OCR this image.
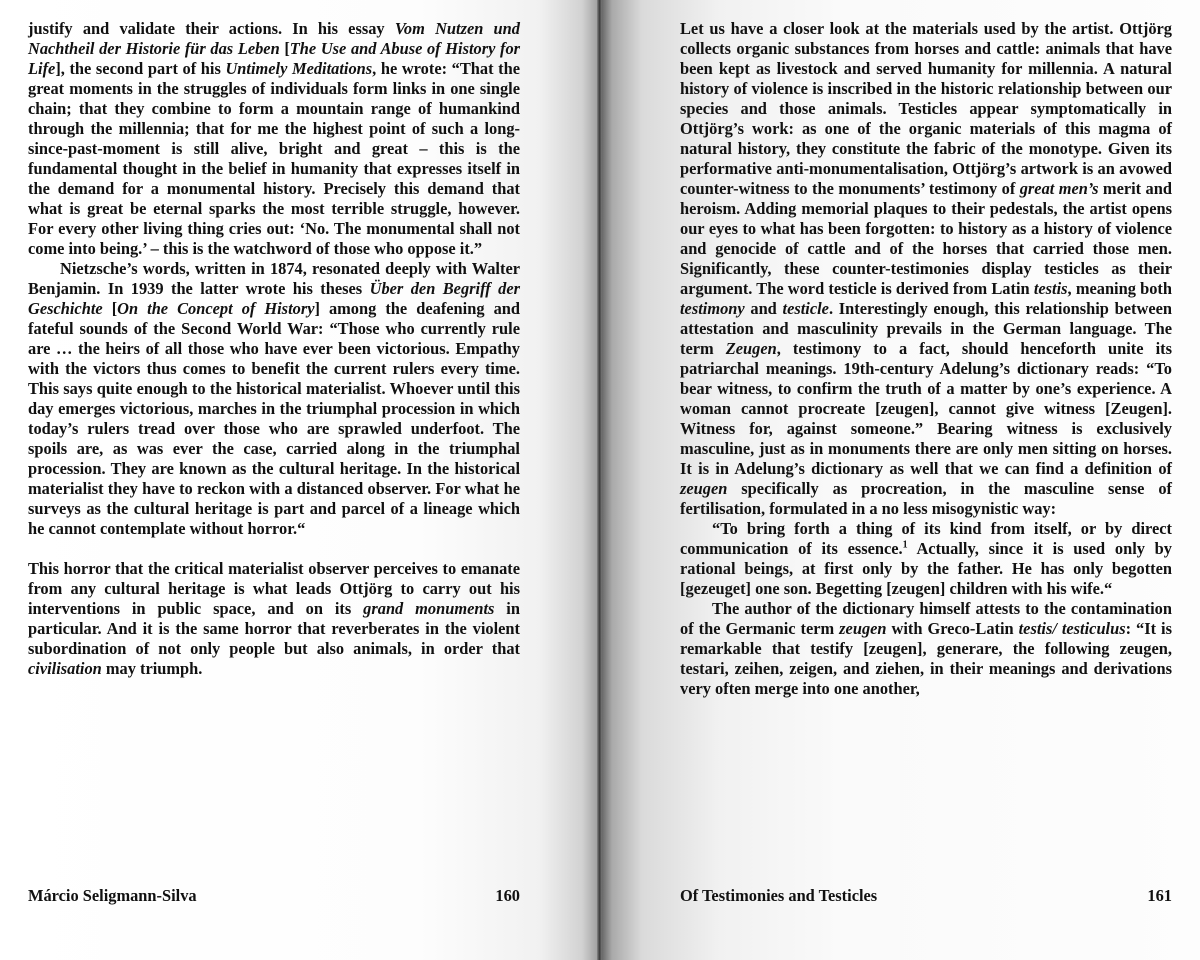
justify and validate their actions. In his essay Vom Nutzen und Nachtheil der Historie für das Leben [The Use and Abuse of History for Life], the second part of his Untimely Meditations, he wrote: “That the great moments in the struggles of individuals form links in one single chain; that they combine to form a mountain range of humankind through the millennia; that for me the highest point of such a long-since-past-moment is still alive, bright and great – this is the fundamental thought in the belief in humanity that expresses itself in the demand for a monumental history. Precisely this demand that what is great be eternal sparks the most terrible struggle, however. For every other living thing cries out: ‘No. The monumental shall not come into being.’ – this is the watchword of those who oppose it.”

Nietzsche’s words, written in 1874, resonated deeply with Walter Benjamin. In 1939 the latter wrote his theses Über den Begriff der Geschichte [On the Concept of History] among the deafening and fateful sounds of the Second World War: “Those who currently rule are … the heirs of all those who have ever been victorious. Empathy with the victors thus comes to benefit the current rulers every time. This says quite enough to the historical materialist. Whoever until this day emerges victorious, marches in the triumphal procession in which today’s rulers tread over those who are sprawled underfoot. The spoils are, as was ever the case, carried along in the triumphal procession. They are known as the cultural heritage. In the historical materialist they have to reckon with a distanced observer. For what he surveys as the cultural heritage is part and parcel of a lineage which he cannot contemplate without horror.“

This horror that the critical materialist observer perceives to emanate from any cultural heritage is what leads Ottjörg to carry out his interventions in public space, and on its grand monuments in particular. And it is the same horror that reverberates in the violent subordination of not only people but also animals, in order that civilisation may triumph.

Márcio Seligmann-Silva	160

Let us have a closer look at the materials used by the artist. Ottjörg collects organic substances from horses and cattle: animals that have been kept as livestock and served humanity for millennia. A natural history of violence is inscribed in the historic relationship between our species and those animals. Testicles appear symptomatically in Ottjörg’s work: as one of the organic materials of this magma of natural history, they constitute the fabric of the monotype. Given its performative anti-monumentalisation, Ottjörg’s artwork is an avowed counter-witness to the monuments’ testimony of great men’s merit and heroism. Adding memorial plaques to their pedestals, the artist opens our eyes to what has been forgotten: to history as a history of violence and genocide of cattle and of the horses that carried those men. Significantly, these counter-testimonies display testicles as their argument. The word testicle is derived from Latin testis, meaning both testimony and testicle. Interestingly enough, this relationship between attestation and masculinity prevails in the German language. The term Zeugen, testimony to a fact, should henceforth unite its patriarchal meanings. 19th-century Adelung’s dictionary reads: “To bear witness, to confirm the truth of a matter by one’s experience. A woman cannot procreate [zeugen], cannot give witness [Zeugen]. Witness for, against someone.” Bearing witness is exclusively masculine, just as in monuments there are only men sitting on horses. It is in Adelung’s dictionary as well that we can find a definition of zeugen specifically as procreation, in the masculine sense of fertilisation, formulated in a no less misogynistic way:

“To bring forth a thing of its kind from itself, or by direct communication of its essence.$^1$ Actually, since it is used only by rational beings, at first only by the father. He has only begotten [gezeuget] one son. Begetting [zeugen] children with his wife.“

The author of the dictionary himself attests to the contamination of the Germanic term zeugen with Greco-Latin testis/ testiculus: “It is remarkable that testify [zeugen], generare, the following zeugen, testari, zeihen, zeigen, and ziehen, in their meanings and derivations very often merge into one another,

Of Testimonies and Testicles	161
